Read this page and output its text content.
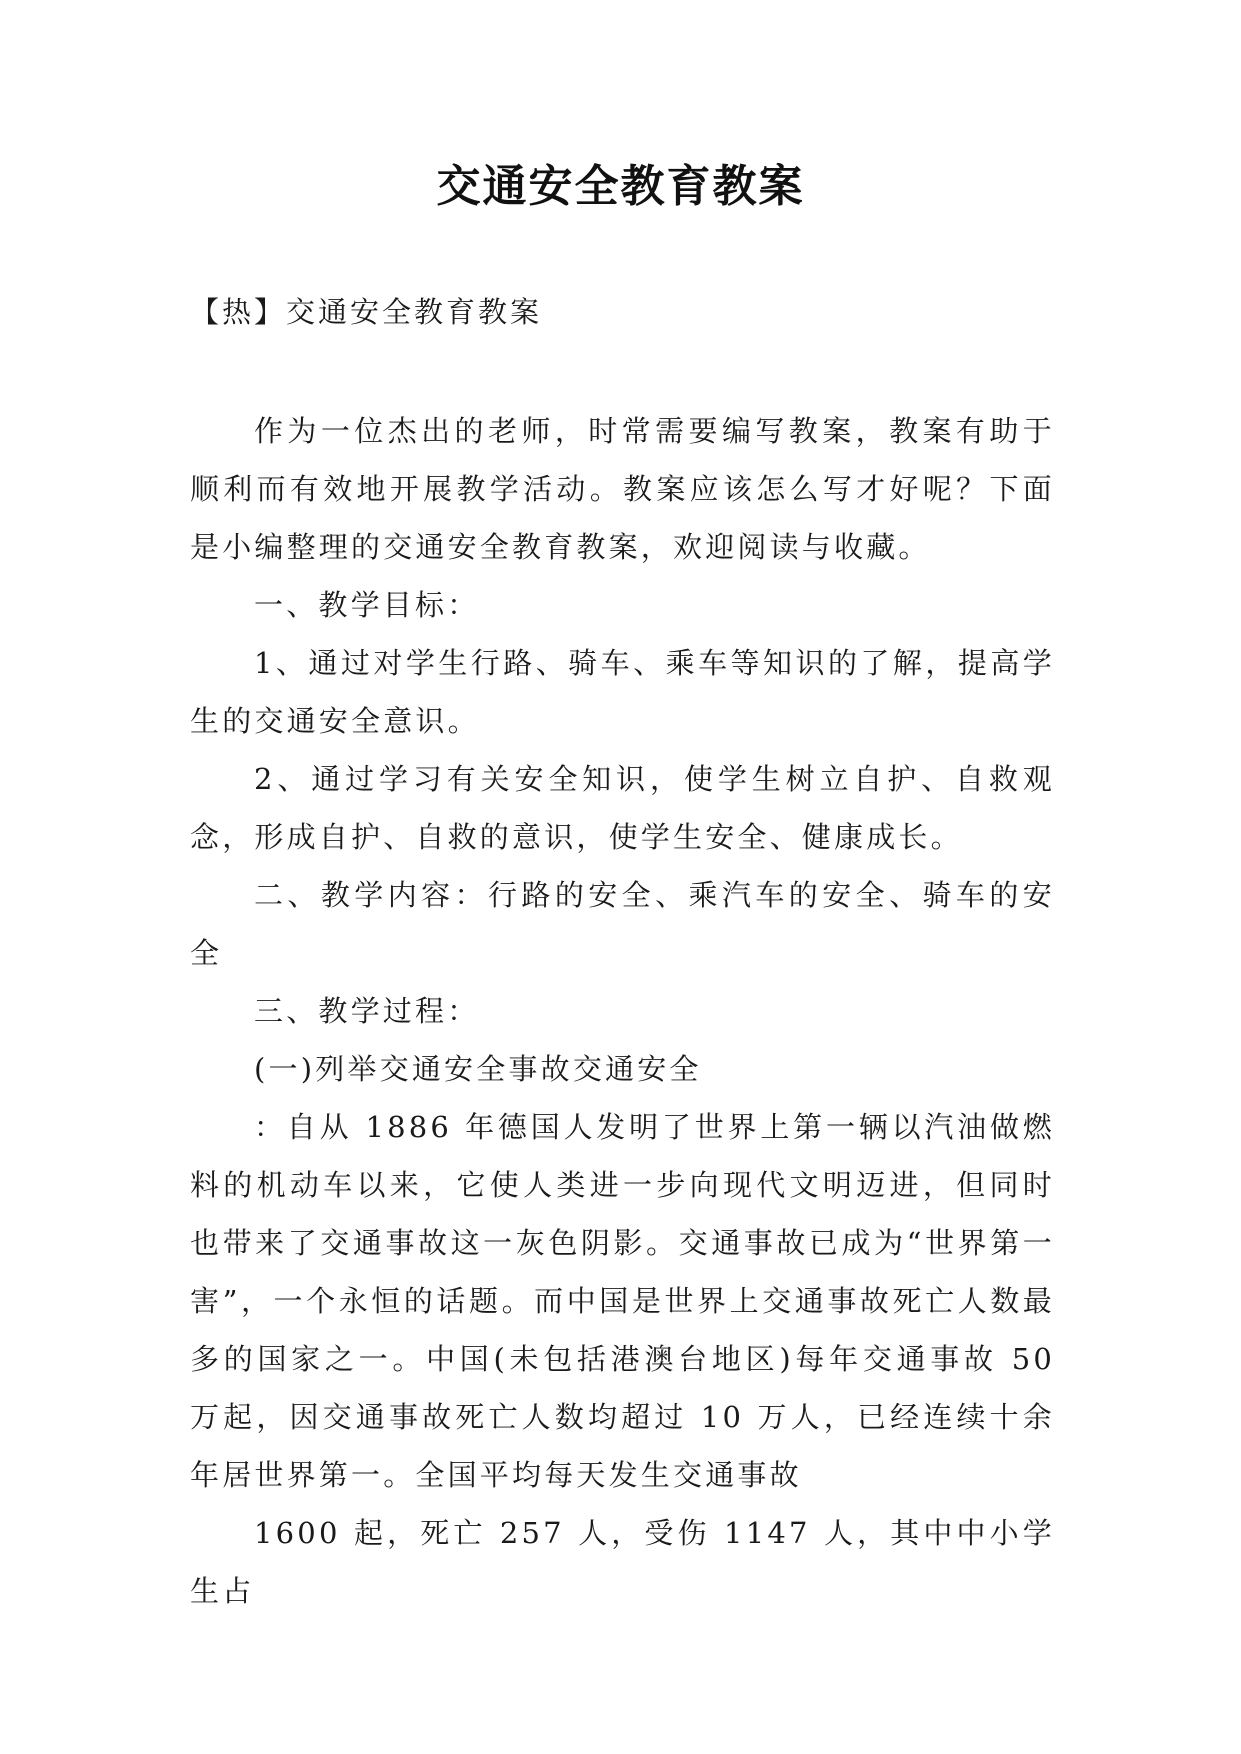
交通安全教育教案
【热】交通安全教育教案

作为一位杰出的老师，时常需要编写教案，教案有助于顺利而有效地开展教学活动。教案应该怎么写才好呢？下面是小编整理的交通安全教育教案，欢迎阅读与收藏。

一、教学目标：

1、通过对学生行路、骑车、乘车等知识的了解，提高学生的交通安全意识。

2、通过学习有关安全知识，使学生树立自护、自救观念，形成自护、自救的意识，使学生安全、健康成长。

二、教学内容：行路的安全、乘汽车的安全、骑车的安全

三、教学过程：

(一)列举交通安全事故交通安全

：自从 1886 年德国人发明了世界上第一辆以汽油做燃料的机动车以来，它使人类进一步向现代文明迈进，但同时也带来了交通事故这一灰色阴影。交通事故已成为“世界第一害”，一个永恒的话题。而中国是世界上交通事故死亡人数最多的国家之一。中国(未包括港澳台地区)每年交通事故 50 万起，因交通事故死亡人数均超过 10 万人，已经连续十余年居世界第一。全国平均每天发生交通事故

1600 起，死亡 257 人，受伤 1147 人，其中中小学生占
